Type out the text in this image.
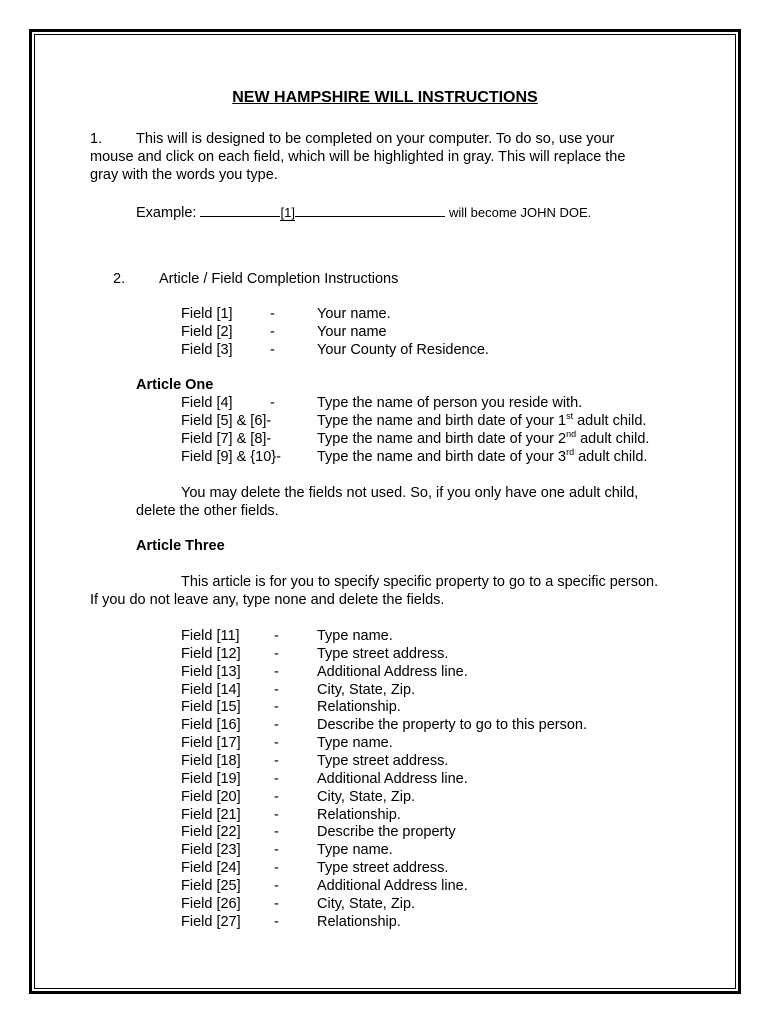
NEW HAMPSHIRE WILL INSTRUCTIONS
1. This will is designed to be completed on your computer. To do so, use your
mouse and click on each field, which will be highlighted in gray. This will replace the
gray with the words you type.
Example:	[1]	will become JOHN DOE.
2. Article / Field Completion Instructions
Field [1]	-	Your name.
Field [2]	-	Your name
Field [3]	-	Your County of Residence.
Article One
Field [4]	-	Type the name of person you reside with.
Field [5] & [6]-	Type the name and birth date of your 1st adult child.
Field [7] & [8]-	Type the name and birth date of your 2nd adult child.
Field [9] & {10}- Type the name and birth date of your 3rd adult child.
You may delete the fields not used. So, if you only have one adult child,
delete the other fields.
Article Three
This article is for you to specify specific property to go to a specific person.
If you do not leave any, type none and delete the fields.
Field [11] -	Type name.
Field [12] -	Type street address.
Field [13] -	Additional Address line.
Field [14] -	City, State, Zip.
Field [15] -	Relationship.
Field [16] -	Describe the property to go to this person.
Field [17] -	Type name.
Field [18] -	Type street address.
Field [19] -	Additional Address line.
Field [20] -	City, State, Zip.
Field [21] -	Relationship.
Field [22] -	Describe the property
Field [23] -	Type name.
Field [24] -	Type street address.
Field [25] -	Additional Address line.
Field [26] -	City, State, Zip.
Field [27] -	Relationship.
